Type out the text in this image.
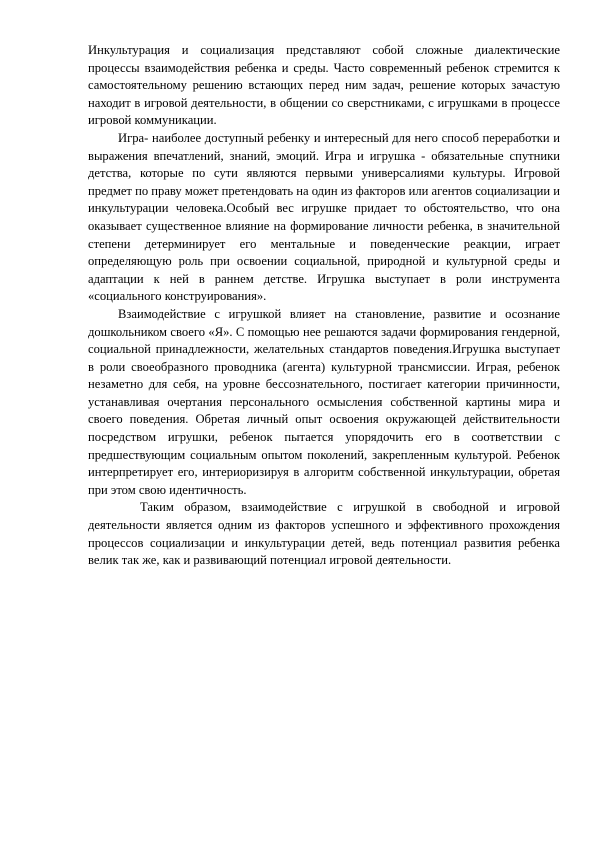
Инкультурация и социализация представляют собой сложные диалектические процессы взаимодействия ребенка и среды. Часто современный ребенок стремится к самостоятельному решению встающих перед ним задач, решение которых зачастую находит в игровой деятельности, в общении со сверстниками, с игрушками в процессе игровой коммуникации.

Игра- наиболее доступный ребенку и интересный для него способ переработки и выражения впечатлений, знаний, эмоций. Игра и игрушка - обязательные спутники детства, которые по сути являются первыми универсалиями культуры. Игровой предмет по праву может претендовать на один из факторов или агентов социализации и инкультурации человека.Особый вес игрушке придает то обстоятельство, что она оказывает существенное влияние на формирование личности ребенка, в значительной степени детерминирует его ментальные и поведенческие реакции, играет определяющую роль при освоении социальной, природной и культурной среды и адаптации к ней в раннем детстве. Игрушка выступает в роли инструмента «социального конструирования».

Взаимодействие с игрушкой влияет на становление, развитие и осознание дошкольником своего «Я». С помощью нее решаются задачи формирования гендерной, социальной принадлежности, желательных стандартов поведения.Игрушка выступает в роли своеобразного проводника (агента) культурной трансмиссии. Играя, ребенок незаметно для себя, на уровне бессознательного, постигает категории причинности, устанавливая очертания персонального осмысления собственной картины мира и своего поведения. Обретая личный опыт освоения окружающей действительности посредством игрушки, ребенок пытается упорядочить его в соответствии с предшествующим социальным опытом поколений, закрепленным культурой. Ребенок интерпретирует его, интериоризируя в алгоритм собственной инкультурации, обретая при этом свою идентичность.

Таким образом, взаимодействие с игрушкой в свободной и игровой деятельности является одним из факторов успешного и эффективного прохождения процессов социализации и инкультурации детей, ведь потенциал развития ребенка велик так же, как и развивающий потенциал игровой деятельности.
